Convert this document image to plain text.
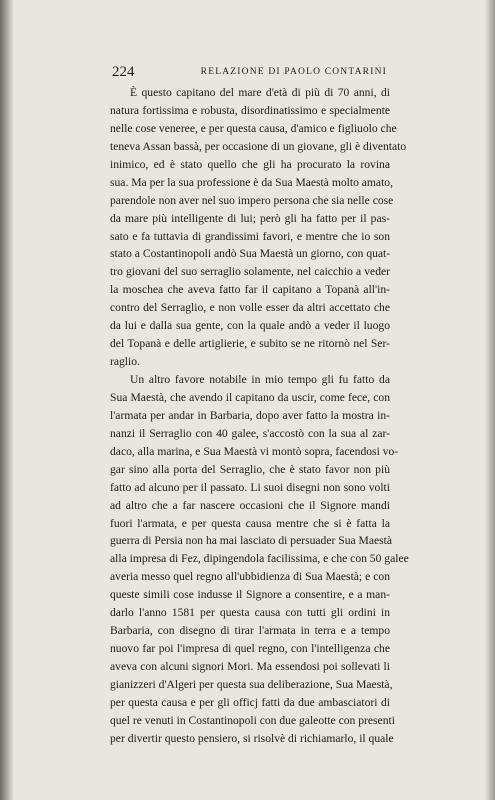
224	RELAZIONE DI PAOLO CONTARINI

È questo capitano del mare d'età di più di 70 anni, di
natura fortissima e robusta, disordinatissimo e specialmente
nelle cose veneree, e per questa causa, d'amico e figliuolo che
teneva Assan bassà, per occasione di un giovane, gli è diventato
inimico, ed è stato quello che gli ha procurato la rovina
sua. Ma per la sua professione è da Sua Maestà molto amato,
parendole non aver nel suo impero persona che sia nelle cose
da mare più intelligente di lui; però gli ha fatto per il pas-
sato e fa tuttavia di grandissimi favori, e mentre che io son
stato a Costantinopoli andò Sua Maestà un giorno, con quat-
tro giovani del suo serraglio solamente, nel caicchio a veder
la moschea che aveva fatto far il capitano a Topanà all'in-
contro del Serraglio, e non volle esser da altri accettato che
da lui e dalla sua gente, con la quale andò a veder il luogo
del Topanà e delle artiglierie, e subito se ne ritornò nel Ser-
raglio.

Un altro favore notabile in mio tempo gli fu fatto da
Sua Maestà, che avendo il capitano da uscir, come fece, con
l'armata per andar in Barbaria, dopo aver fatto la mostra in-
nanzi il Serraglio con 40 galee, s'accostò con la sua al zar-
daco, alla marina, e Sua Maestà vi montò sopra, facendosi vo-
gar sino alla porta del Serraglio, che è stato favor non più
fatto ad alcuno per il passato. Li suoi disegni non sono volti
ad altro che a far nascere occasioni che il Signore mandi
fuori l'armata, e per questa causa mentre che si è fatta la
guerra di Persia non ha mai lasciato di persuader Sua Maestà
alla impresa di Fez, dipingendola facilissima, e che con 50 galee
averia messo quel regno all'ubbidienza di Sua Maestà; e con
queste simili cose indusse il Signore a consentire, e a man-
darlo l'anno 1581 per questa causa con tutti gli ordini in
Barbaria, con disegno di tirar l'armata in terra e a tempo
nuovo far poi l'impresa di quel regno, con l'intelligenza che
aveva con alcuni signori Mori. Ma essendosi poi sollevati li
gianizzeri d'Algeri per questa sua deliberazione, Sua Maestà,
per questa causa e per gli officj fatti da due ambasciatori di
quel re venuti in Costantinopoli con due galeotte con presenti
per divertir questo pensiero, si risolvè di richiamarlo, il quale
